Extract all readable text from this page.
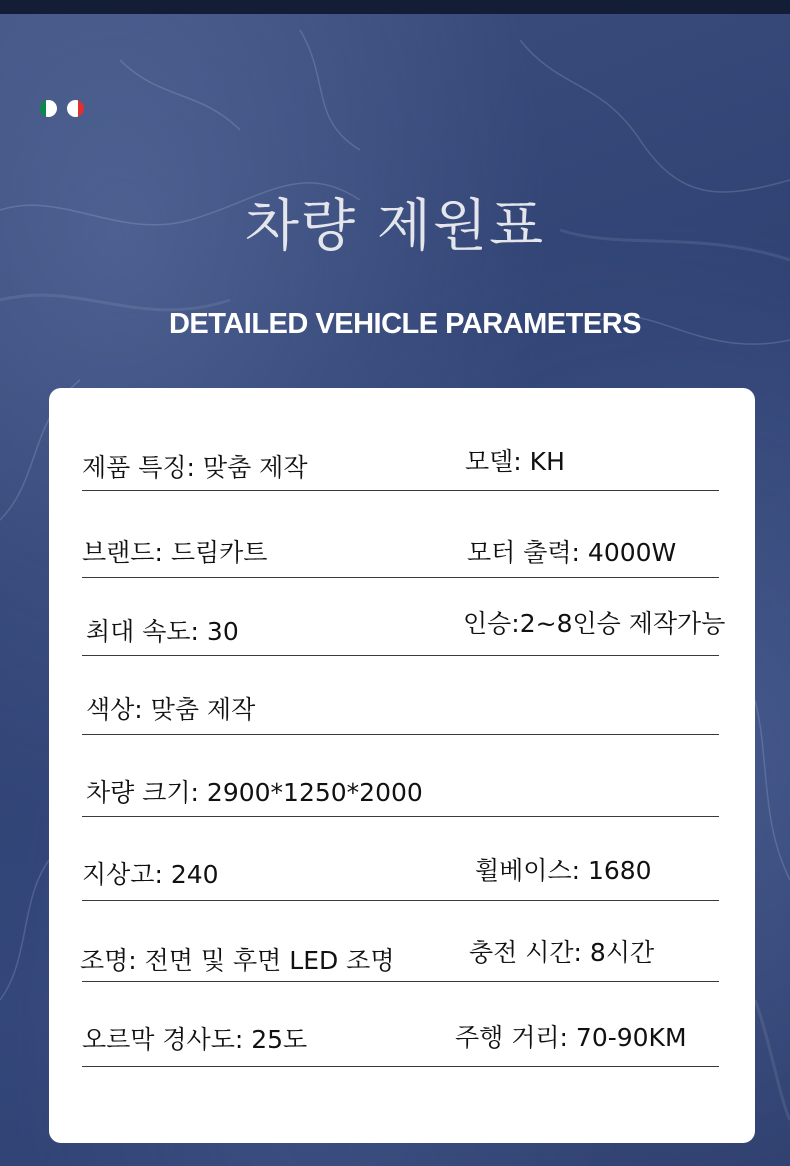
차량 제원표
DETAILED VEHICLE PARAMETERS
제품 특징: 맞춤 제작	모델: KH
브랜드: 드림카트	모터 출력: 4000W
최대 속도: 30	인승:2~8인승 제작가능
색상: 맞춤 제작
차량 크기: 2900*1250*2000
지상고: 240	휠베이스: 1680
조명: 전면 및 후면 LED 조명	충전 시간: 8시간
오르막 경사도: 25도	주행 거리: 70-90KM
